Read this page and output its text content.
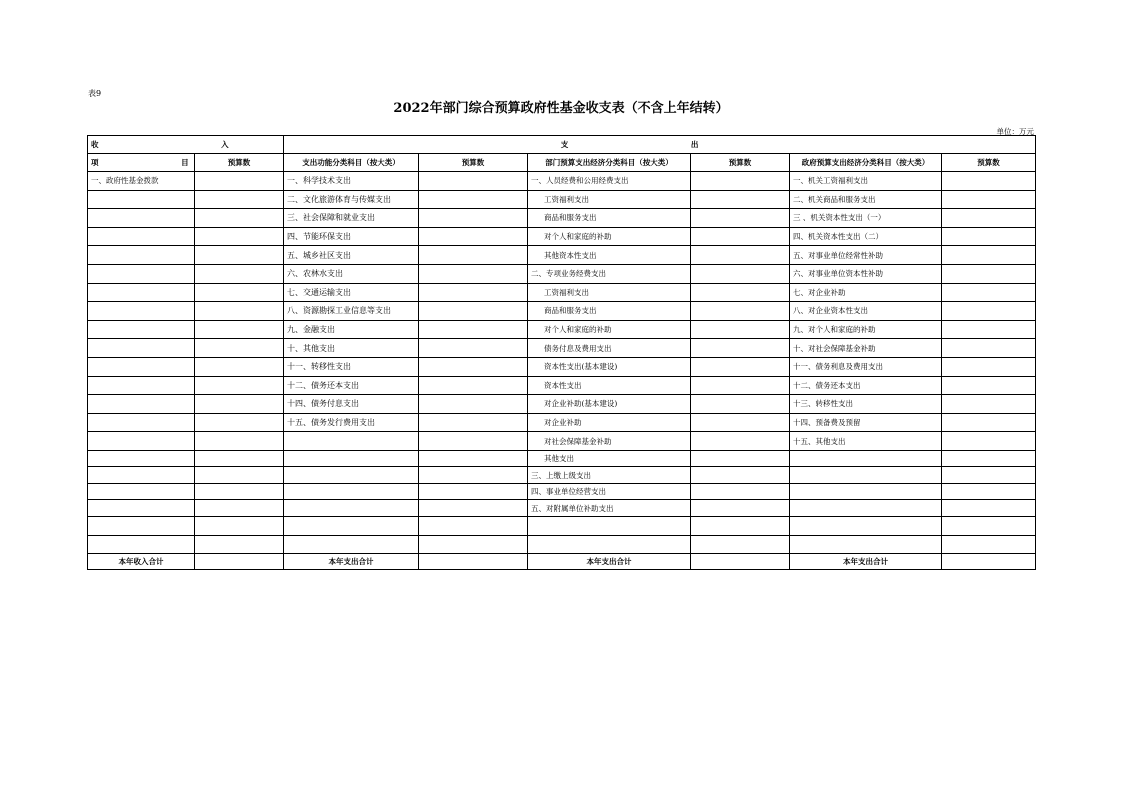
表9
2022年部门综合预算政府性基金收支表（不含上年结转）
单位：万元
收 入		支 出					
项 目	预算数	支出功能分类科目（按大类）	预算数	部门预算支出经济分类科目（按大类）	预算数	政府预算支出经济分类科目（按大类）	预算数
一、政府性基金拨款		一、科学技术支出		一、人员经费和公用经费支出		一、机关工资福利支出	
		二、文化旅游体育与传媒支出		工资福利支出		二、机关商品和服务支出	
		三、社会保障和就业支出		商品和服务支出		三 、机关资本性支出（一）	
		四、节能环保支出		对个人和家庭的补助		四、机关资本性支出（二）	
		五、城乡社区支出		其他资本性支出		五、对事业单位经常性补助	
		六、农林水支出		二、专项业务经费支出		六、对事业单位资本性补助	
		七、交通运输支出		工资福利支出		七、对企业补助	
		八、资源勘探工业信息等支出		商品和服务支出		八、对企业资本性支出	
		九、金融支出		对个人和家庭的补助		九、对个人和家庭的补助	
		十、其他支出		债务付息及费用支出		十、对社会保障基金补助	
		十一、转移性支出		资本性支出(基本建设)		十一、债务利息及费用支出	
		十二、债务还本支出		资本性支出		十二、债务还本支出	
		十四、债务付息支出		对企业补助(基本建设)		十三、转移性支出	
		十五、债务发行费用支出		对企业补助		十四、预备费及预留	
				对社会保障基金补助		十五、其他支出	
				其他支出			
				三、上缴上级支出			
				四、事业单位经营支出			
				五、对附属单位补助支出			

本年收入合计		本年支出合计		本年支出合计		本年支出合计	
